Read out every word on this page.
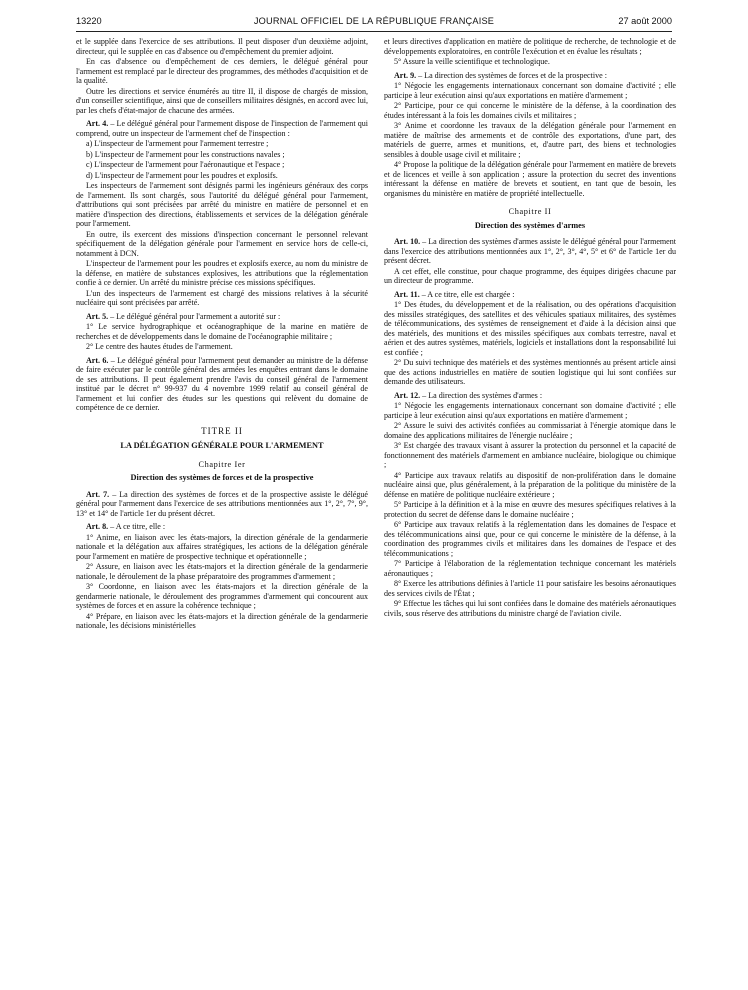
13220	JOURNAL OFFICIEL DE LA RÉPUBLIQUE FRANÇAISE	27 août 2000

et le supplée dans l'exercice de ses attributions. Il peut disposer d'un deuxième adjoint, directeur, qui le supplée en cas d'absence ou d'empêchement du premier adjoint.

En cas d'absence ou d'empêchement de ces derniers, le délégué général pour l'armement est remplacé par le directeur des programmes, des méthodes d'acquisition et de la qualité.

Outre les directions et service énumérés au titre II, il dispose de chargés de mission, d'un conseiller scientifique, ainsi que de conseillers militaires désignés, en accord avec lui, par les chefs d'état-major de chacune des armées.

Art. 4. – Le délégué général pour l'armement dispose de l'inspection de l'armement qui comprend, outre un inspecteur de l'armement chef de l'inspection :

a) L'inspecteur de l'armement pour l'armement terrestre ;

b) L'inspecteur de l'armement pour les constructions navales ;

c) L'inspecteur de l'armement pour l'aéronautique et l'espace ;

d) L'inspecteur de l'armement pour les poudres et explosifs.

Les inspecteurs de l'armement sont désignés parmi les ingénieurs généraux des corps de l'armement. Ils sont chargés, sous l'autorité du délégué général pour l'armement, d'attributions qui sont précisées par arrêté du ministre en matière de personnel et en matière d'inspection des directions, établissements et services de la délégation générale pour l'armement.

En outre, ils exercent des missions d'inspection concernant le personnel relevant spécifiquement de la délégation générale pour l'armement en service hors de celle-ci, notamment à DCN.

L'inspecteur de l'armement pour les poudres et explosifs exerce, au nom du ministre de la défense, en matière de substances explosives, les attributions que la réglementation confie à ce dernier. Un arrêté du ministre précise ces missions spécifiques.

L'un des inspecteurs de l'armement est chargé des missions relatives à la sécurité nucléaire qui sont précisées par arrêté.

Art. 5. – Le délégué général pour l'armement a autorité sur :

1° Le service hydrographique et océanographique de la marine en matière de recherches et de développements dans le domaine de l'océanographie militaire ;

2° Le centre des hautes études de l'armement.

Art. 6. – Le délégué général pour l'armement peut demander au ministre de la défense de faire exécuter par le contrôle général des armées les enquêtes entrant dans le domaine de ses attributions. Il peut également prendre l'avis du conseil général de l'armement institué par le décret n° 99-937 du 4 novembre 1999 relatif au conseil général de l'armement et lui confier des études sur les questions qui relèvent du domaine de compétence de ce dernier.

TITRE II
LA DÉLÉGATION GÉNÉRALE POUR L'ARMEMENT
Chapitre Ier
Direction des systèmes de forces et de la prospective

Art. 7. – La direction des systèmes de forces et de la prospective assiste le délégué général pour l'armement dans l'exercice de ses attributions mentionnées aux 1°, 2°, 7°, 9°, 13° et 14° de l'article 1er du présent décret.

Art. 8. – A ce titre, elle :

1° Anime, en liaison avec les états-majors, la direction générale de la gendarmerie nationale et la délégation aux affaires stratégiques, les actions de la délégation générale pour l'armement en matière de prospective technique et opérationnelle ;

2° Assure, en liaison avec les états-majors et la direction générale de la gendarmerie nationale, le déroulement de la phase préparatoire des programmes d'armement ;

3° Coordonne, en liaison avec les états-majors et la direction générale de la gendarmerie nationale, le déroulement des programmes d'armement qui concourent aux systèmes de forces et en assure la cohérence technique ;

4° Prépare, en liaison avec les états-majors et la direction générale de la gendarmerie nationale, les décisions ministérielles

et leurs directives d'application en matière de politique de recherche, de technologie et de développements exploratoires, en contrôle l'exécution et en évalue les résultats ;

5° Assure la veille scientifique et technologique.

Art. 9. – La direction des systèmes de forces et de la prospective :

1° Négocie les engagements internationaux concernant son domaine d'activité ; elle participe à leur exécution ainsi qu'aux exportations en matière d'armement ;

2° Participe, pour ce qui concerne le ministère de la défense, à la coordination des études intéressant à la fois les domaines civils et militaires ;

3° Anime et coordonne les travaux de la délégation générale pour l'armement en matière de maîtrise des armements et de contrôle des exportations, d'une part, des matériels de guerre, armes et munitions, et, d'autre part, des biens et technologies sensibles à double usage civil et militaire ;

4° Propose la politique de la délégation générale pour l'armement en matière de brevets et de licences et veille à son application ; assure la protection du secret des inventions intéressant la défense en matière de brevets et soutient, en tant que de besoin, les organismes du ministère en matière de propriété intellectuelle.

Chapitre II
Direction des systèmes d'armes

Art. 10. – La direction des systèmes d'armes assiste le délégué général pour l'armement dans l'exercice des attributions mentionnées aux 1°, 2°, 3°, 4°, 5° et 6° de l'article 1er du présent décret.

A cet effet, elle constitue, pour chaque programme, des équipes dirigées chacune par un directeur de programme.

Art. 11. – A ce titre, elle est chargée :

1° Des études, du développement et de la réalisation, ou des opérations d'acquisition des missiles stratégiques, des satellites et des véhicules spatiaux militaires, des systèmes de télécommunications, des systèmes de renseignement et d'aide à la décision ainsi que des matériels, des munitions et des missiles spécifiques aux combats terrestre, naval et aérien et des autres systèmes, matériels, logiciels et installations dont la responsabilité lui est confiée ;

2° Du suivi technique des matériels et des systèmes mentionnés au présent article ainsi que des actions industrielles en matière de soutien logistique qui lui sont confiées sur demande des utilisateurs.

Art. 12. – La direction des systèmes d'armes :

1° Négocie les engagements internationaux concernant son domaine d'activité ; elle participe à leur exécution ainsi qu'aux exportations en matière d'armement ;

2° Assure le suivi des activités confiées au commissariat à l'énergie atomique dans le domaine des applications militaires de l'énergie nucléaire ;

3° Est chargée des travaux visant à assurer la protection du personnel et la capacité de fonctionnement des matériels d'armement en ambiance nucléaire, biologique ou chimique ;

4° Participe aux travaux relatifs au dispositif de non-prolifération dans le domaine nucléaire ainsi que, plus généralement, à la préparation de la politique du ministère de la défense en matière de politique nucléaire extérieure ;

5° Participe à la définition et à la mise en œuvre des mesures spécifiques relatives à la protection du secret de défense dans le domaine nucléaire ;

6° Participe aux travaux relatifs à la réglementation dans les domaines de l'espace et des télécommunications ainsi que, pour ce qui concerne le ministère de la défense, à la coordination des programmes civils et militaires dans les domaines de l'espace et des télécommunications ;

7° Participe à l'élaboration de la réglementation technique concernant les matériels aéronautiques ;

8° Exerce les attributions définies à l'article 11 pour satisfaire les besoins aéronautiques des services civils de l'État ;

9° Effectue les tâches qui lui sont confiées dans le domaine des matériels aéronautiques civils, sous réserve des attributions du ministre chargé de l'aviation civile.
